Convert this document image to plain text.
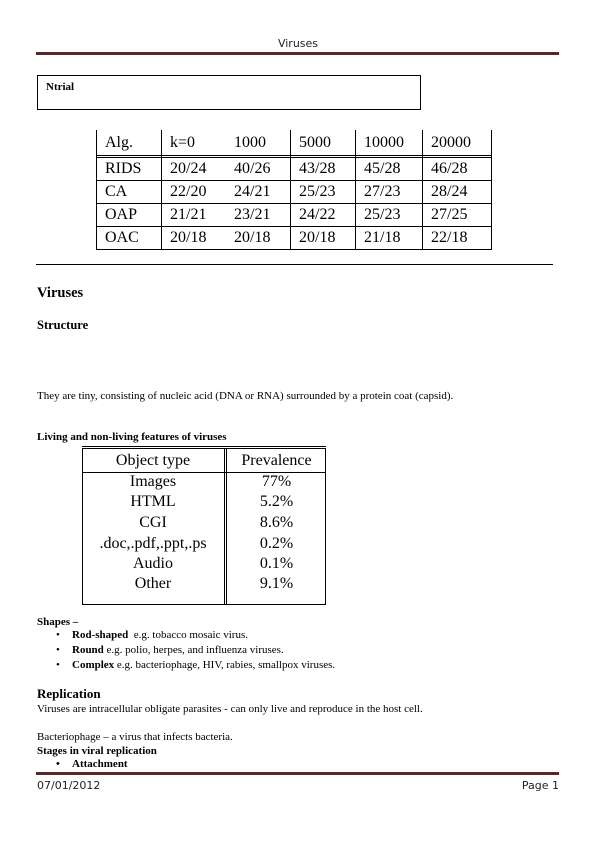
Viruses
Ntrial
Alg.	k=0	1000	5000	10000	20000

RIDS	20/24	40/26	43/28	45/28	46/28
CA	22/20	24/21	25/23	27/23	28/24
OAP	21/21	23/21	24/22	25/23	27/25
OAC	20/18	20/18	20/18	21/18	22/18
Viruses
Structure
They are tiny, consisting of nucleic acid (DNA or RNA) surrounded by a protein coat (capsid).
Living and non-living features of viruses
Object type	Prevalence
Images	77%
HTML	5.2%
CGI	8.6%
.doc,.pdf,.ppt,.ps	0.2%
Audio	0.1%
Other	9.1%
Shapes –
• Rod-shaped  e.g. tobacco mosaic virus.
• Round e.g. polio, herpes, and influenza viruses.
• Complex e.g. bacteriophage, HIV, rabies, smallpox viruses.
Replication
Viruses are intracellular obligate parasites - can only live and reproduce in the host cell.
Bacteriophage – a virus that infects bacteria.
Stages in viral replication
• Attachment
07/01/2012	Page 1
